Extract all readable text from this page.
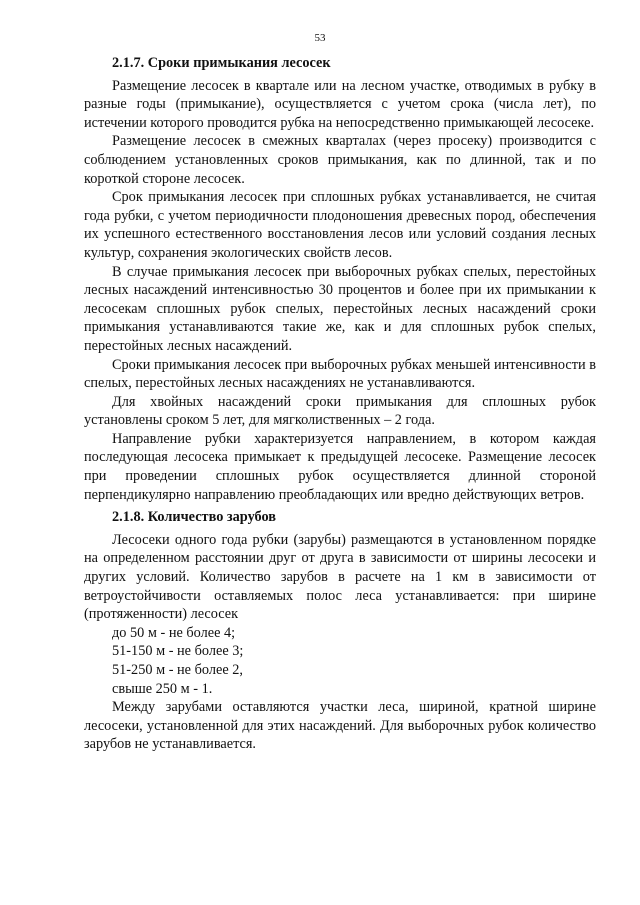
53
2.1.7. Сроки примыкания лесосек

Размещение лесосек в квартале или на лесном участке, отводимых в рубку в разные годы (примыкание), осуществляется с учетом срока (числа лет), по истечении которого проводится рубка на непосредственно примыкающей лесосеке.

Размещение лесосек в смежных кварталах (через просеку) производится с соблюдением установленных сроков примыкания, как по длинной, так и по короткой стороне лесосек.

Срок примыкания лесосек при сплошных рубках устанавливается, не считая года рубки, с учетом периодичности плодоношения древесных пород, обеспечения их успешного естественного восстановления лесов или условий создания лесных культур, сохранения экологических свойств лесов.

В случае примыкания лесосек при выборочных рубках спелых, перестойных лесных насаждений интенсивностью 30 процентов и более при их примыкании к лесосекам сплошных рубок спелых, перестойных лесных насаждений сроки примыкания устанавливаются такие же, как и для сплошных рубок спелых, перестойных лесных насаждений.

Сроки примыкания лесосек при выборочных рубках меньшей интенсивности в спелых, перестойных лесных насаждениях не устанавливаются.

Для хвойных насаждений сроки примыкания для сплошных рубок установлены сроком 5 лет, для мягколиственных – 2 года.

Направление рубки характеризуется направлением, в котором каждая последующая лесосека примыкает к предыдущей лесосеке. Размещение лесосек при проведении сплошных рубок осуществляется длинной стороной перпендикулярно направлению преобладающих или вредно действующих ветров.

2.1.8. Количество зарубов

Лесосеки одного года рубки (зарубы) размещаются в установленном порядке на определенном расстоянии друг от друга в зависимости от ширины лесосеки и других условий. Количество зарубов в расчете на 1 км в зависимости от ветроустойчивости оставляемых полос леса устанавливается: при ширине (протяженности) лесосек

до 50 м - не более 4;

51-150 м - не более 3;

51-250 м - не более 2,

свыше 250 м - 1.

Между зарубами оставляются участки леса, шириной, кратной ширине лесосеки, установленной для этих насаждений. Для выборочных рубок количество зарубов не устанавливается.
